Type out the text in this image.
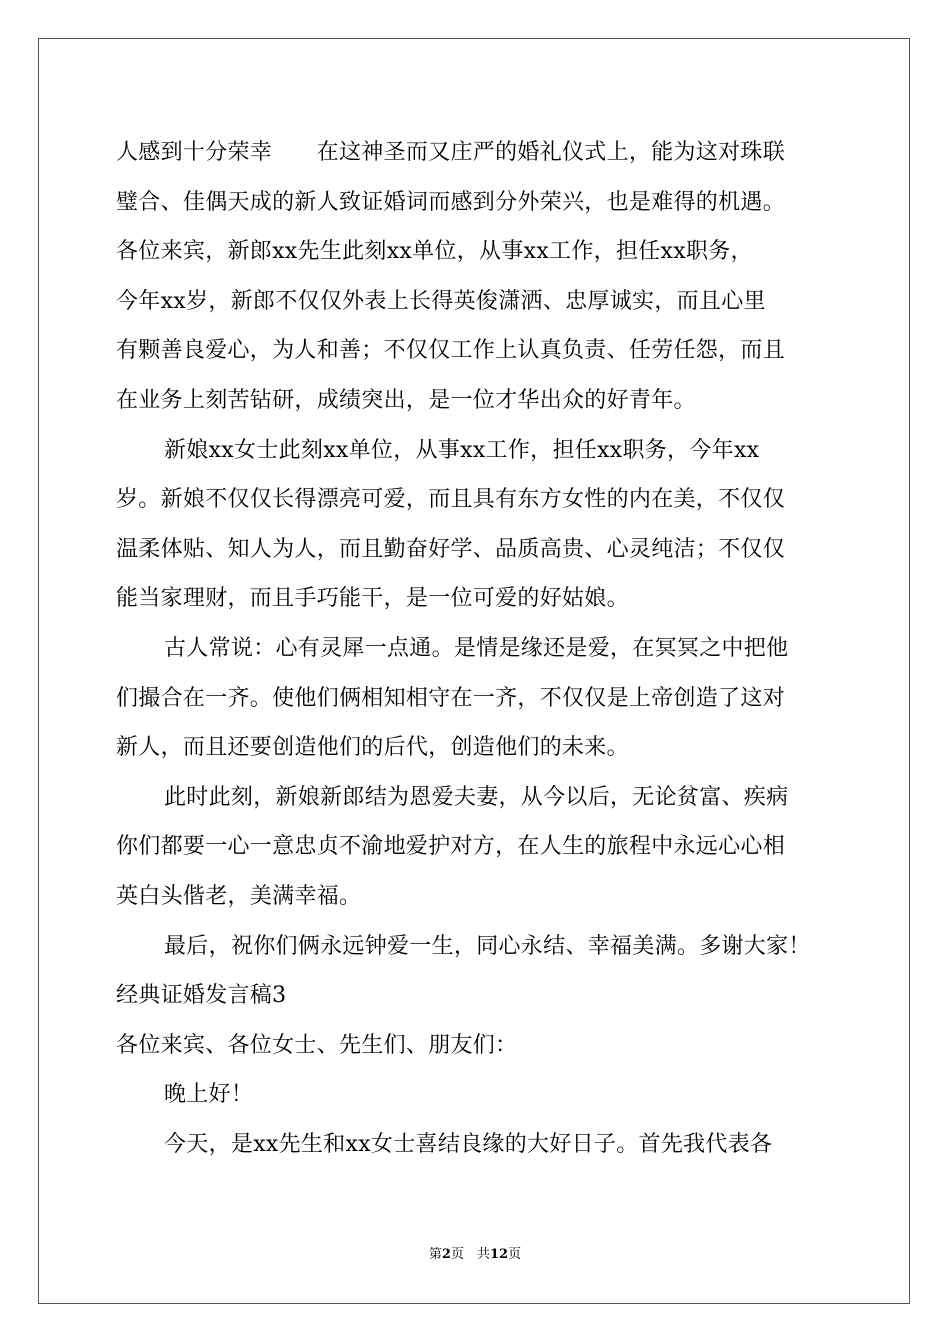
人感到十分荣幸　　在这神圣而又庄严的婚礼仪式上，能为这对珠联
璧合、佳偶天成的新人致证婚词而感到分外荣兴，也是难得的机遇。
各位来宾，新郎xx先生此刻xx单位，从事xx工作，担任xx职务，
今年xx岁，新郎不仅仅外表上长得英俊潇洒、忠厚诚实，而且心里
有颗善良爱心，为人和善；不仅仅工作上认真负责、任劳任怨，而且
在业务上刻苦钻研，成绩突出，是一位才华出众的好青年。
新娘xx女士此刻xx单位，从事xx工作，担任xx职务，今年xx
岁。新娘不仅仅长得漂亮可爱，而且具有东方女性的内在美，不仅仅
温柔体贴、知人为人，而且勤奋好学、品质高贵、心灵纯洁；不仅仅
能当家理财，而且手巧能干，是一位可爱的好姑娘。
古人常说：心有灵犀一点通。是情是缘还是爱，在冥冥之中把他
们撮合在一齐。使他们俩相知相守在一齐，不仅仅是上帝创造了这对
新人，而且还要创造他们的后代，创造他们的未来。
此时此刻，新娘新郎结为恩爱夫妻，从今以后，无论贫富、疾病
你们都要一心一意忠贞不渝地爱护对方，在人生的旅程中永远心心相
英白头偕老，美满幸福。
最后，祝你们俩永远钟爱一生，同心永结、幸福美满。多谢大家！
经典证婚发言稿3
各位来宾、各位女士、先生们、朋友们：
晚上好！
今天，是xx先生和xx女士喜结良缘的大好日子。首先我代表各
第2页　共12页
